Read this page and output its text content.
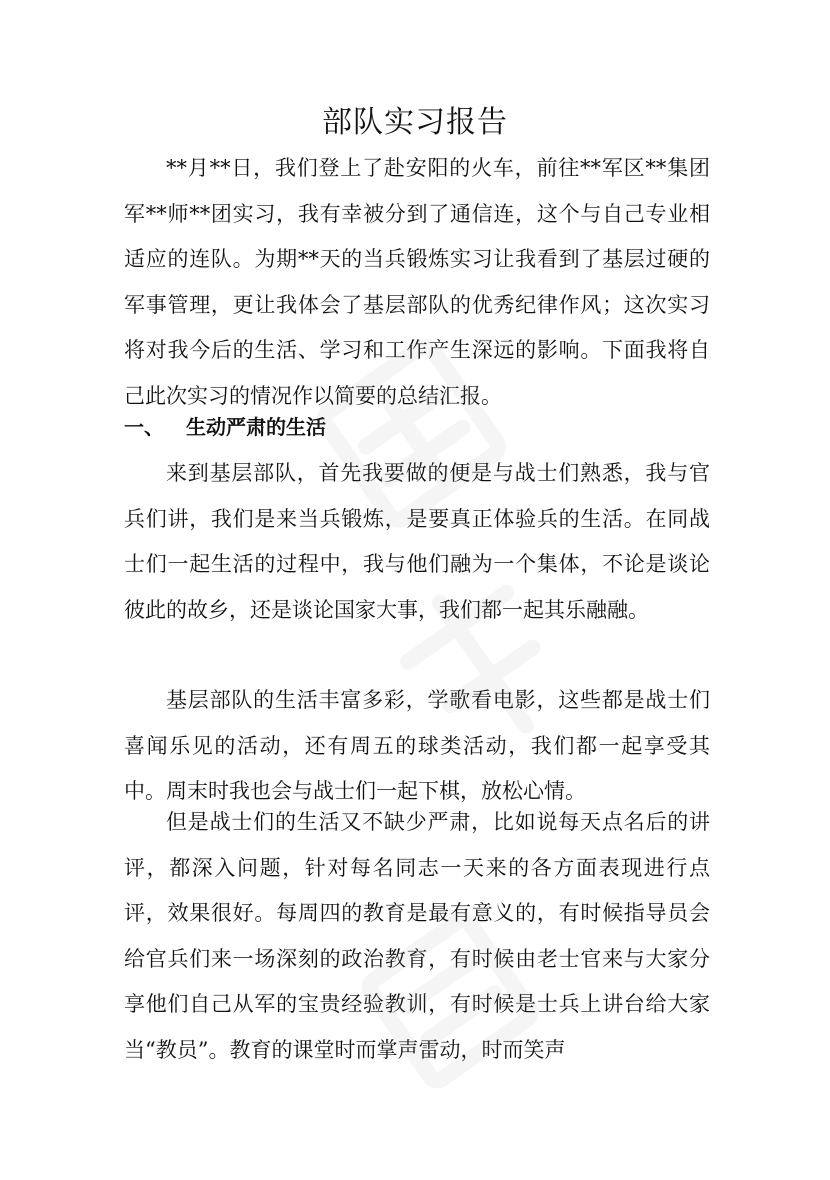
部队实习报告

**月**日，我们登上了赴安阳的火车，前往**军区**集团军**师**团实习，我有幸被分到了通信连，这个与自己专业相适应的连队。为期**天的当兵锻炼实习让我看到了基层过硬的军事管理，更让我体会了基层部队的优秀纪律作风；这次实习将对我今后的生活、学习和工作产生深远的影响。下面我将自己此次实习的情况作以简要的总结汇报。

一、 生动严肃的生活

来到基层部队，首先我要做的便是与战士们熟悉，我与官兵们讲，我们是来当兵锻炼，是要真正体验兵的生活。在同战士们一起生活的过程中，我与他们融为一个集体，不论是谈论彼此的故乡，还是谈论国家大事，我们都一起其乐融融。

基层部队的生活丰富多彩，学歌看电影，这些都是战士们喜闻乐见的活动，还有周五的球类活动，我们都一起享受其中。周末时我也会与战士们一起下棋，放松心情。

但是战士们的生活又不缺少严肃，比如说每天点名后的讲评，都深入问题，针对每名同志一天来的各方面表现进行点评，效果很好。每周四的教育是最有意义的，有时候指导员会给官兵们来一场深刻的政治教育，有时候由老士官来与大家分享他们自己从军的宝贵经验教训，有时候是士兵上讲台给大家当“教员”。教育的课堂时而掌声雷动，时而笑声
